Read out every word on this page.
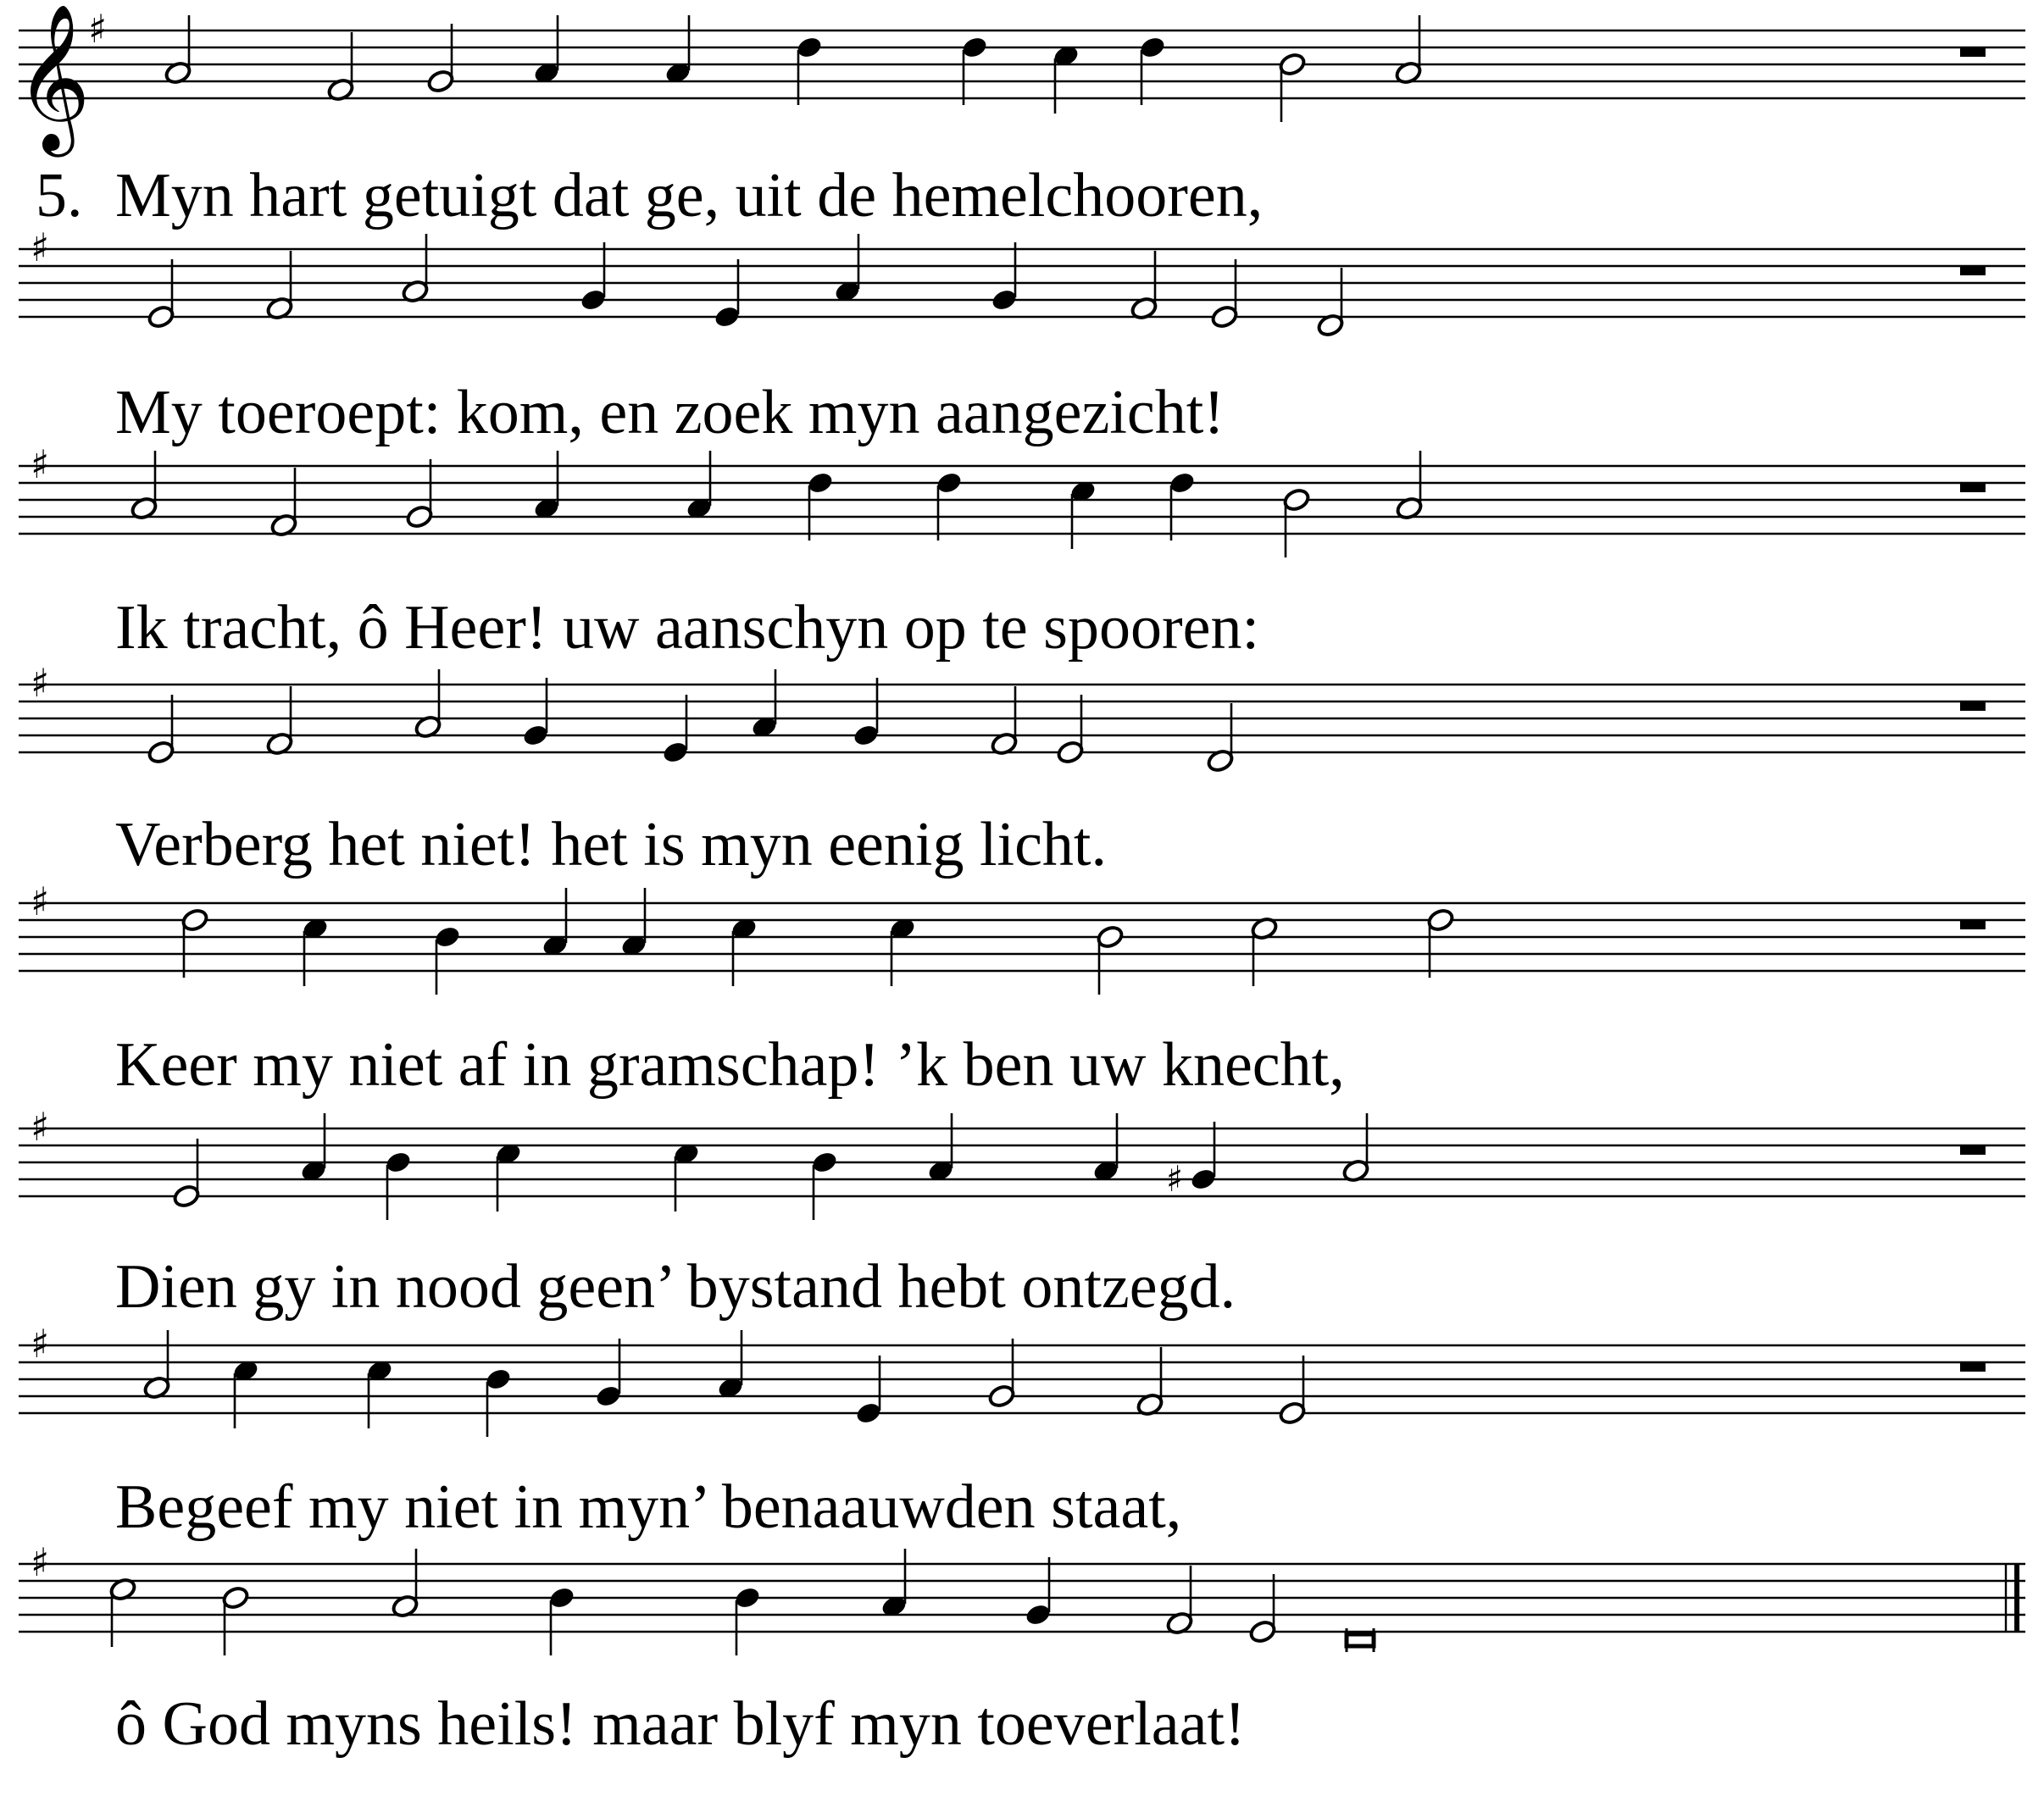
𝄞
♯
♯
♯
♯
♯
♯
♯
♯
♯
5. Myn hart getuigt dat ge, uit de hemelchooren,
My toeroept: kom, en zoek myn aangezicht!
Ik tracht, ô Heer! uw aanschyn op te spooren:
Verberg het niet! het is myn eenig licht.
Keer my niet af in gramschap! ’k ben uw knecht,
Dien gy in nood geen’ bystand hebt ontzegd.
Begeef my niet in myn’ benaauwden staat,
ô God myns heils! maar blyf myn toeverlaat!
